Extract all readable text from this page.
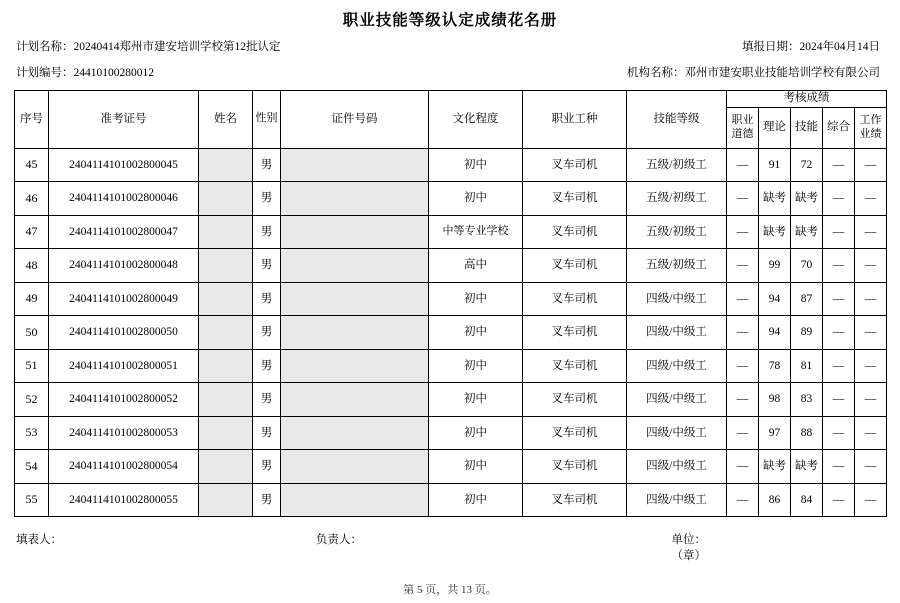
职业技能等级认定成绩花名册
计划名称：20240414郑州市建安培训学校第12批认定	填报日期：2024年04月14日
计划编号：24410100280012	机构名称：邓州市建安职业技能培训学校有限公司
序号	准考证号	姓名	性别	证件号码	文化程度	职业工种	技能等级	考核成绩				
								职业道德	理论	技能	综合	工作业绩
45	2404114101002800045		男		初中	叉车司机	五级/初级工	—	91	72	—	—
46	2404114101002800046		男		初中	叉车司机	五级/初级工	—	缺考	缺考	—	—
47	2404114101002800047		男		中等专业学校	叉车司机	五级/初级工	—	缺考	缺考	—	—
48	2404114101002800048		男		高中	叉车司机	五级/初级工	—	99	70	—	—
49	2404114101002800049		男		初中	叉车司机	四级/中级工	—	94	87	—	—
50	2404114101002800050		男		初中	叉车司机	四级/中级工	—	94	89	—	—
51	2404114101002800051		男		初中	叉车司机	四级/中级工	—	78	81	—	—
52	2404114101002800052		男		初中	叉车司机	四级/中级工	—	98	83	—	—
53	2404114101002800053		男		初中	叉车司机	四级/中级工	—	97	88	—	—
54	2404114101002800054		男		初中	叉车司机	四级/中级工	—	缺考	缺考	—	—
55	2404114101002800055		男		初中	叉车司机	四级/中级工	—	86	84	—	—
填表人：	负责人：	单位：（章）
第 5 页，共 13 页。
